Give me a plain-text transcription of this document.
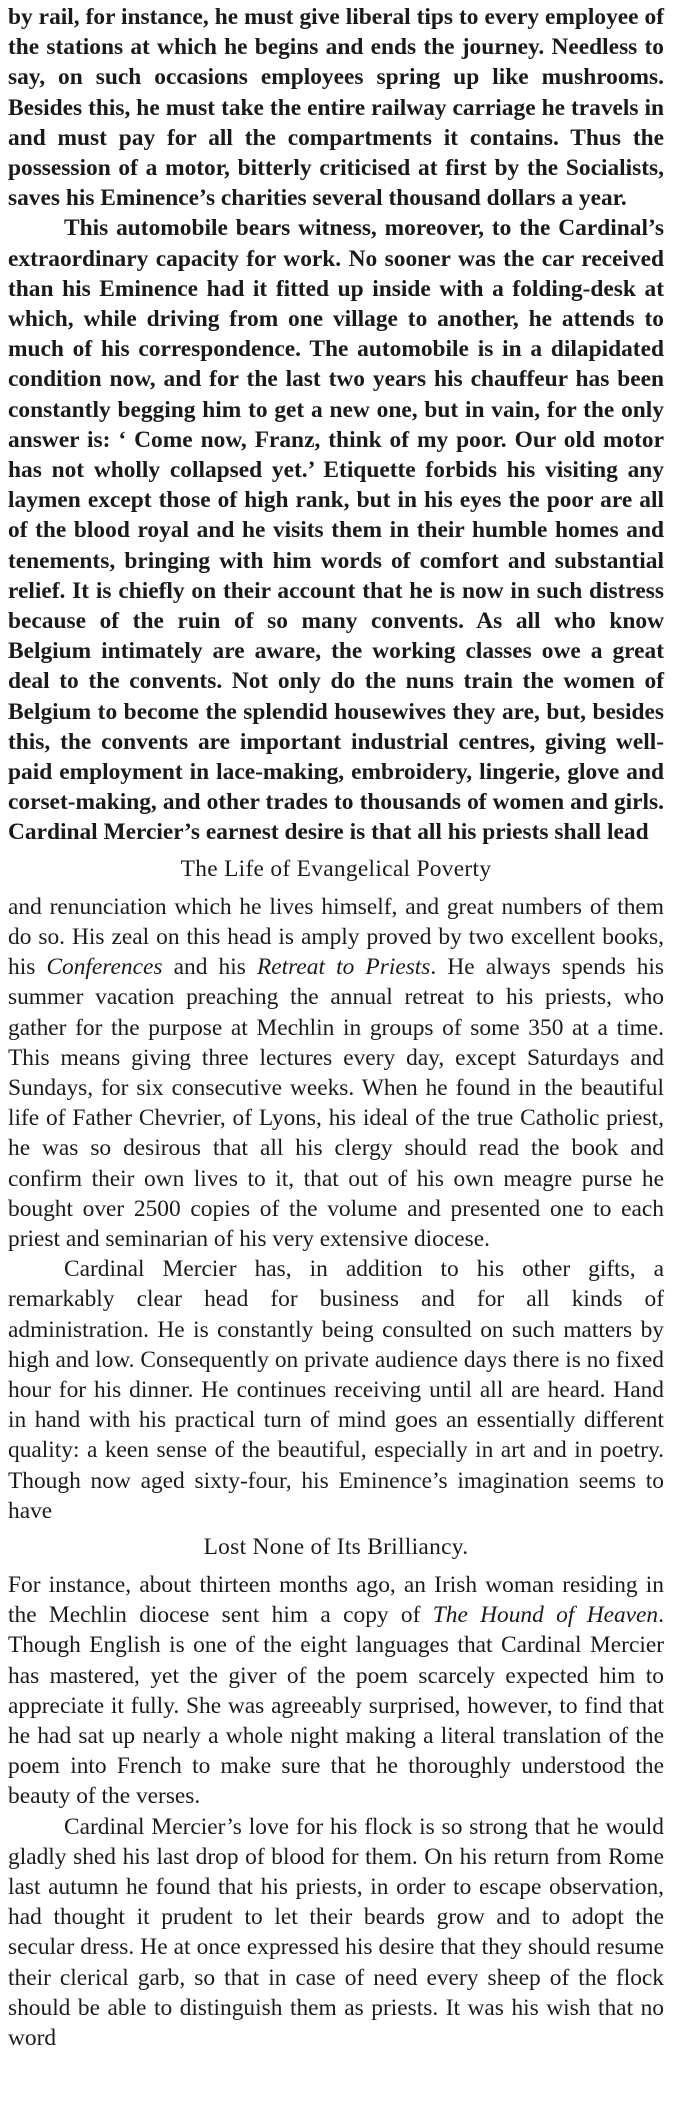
by rail, for instance, he must give liberal tips to every employee of the stations at which he begins and ends the journey. Needless to say, on such occasions employees spring up like mushrooms. Besides this, he must take the entire railway carriage he travels in and must pay for all the compartments it contains. Thus the possession of a motor, bitterly criticised at first by the Socialists, saves his Eminence’s charities several thousand dollars a year.

This automobile bears witness, moreover, to the Cardinal’s extraordinary capacity for work. No sooner was the car received than his Eminence had it fitted up inside with a folding-desk at which, while driving from one village to another, he attends to much of his correspondence. The automobile is in a dilapidated condition now, and for the last two years his chauffeur has been constantly begging him to get a new one, but in vain, for the only answer is: ‘ Come now, Franz, think of my poor. Our old motor has not wholly collapsed yet.’ Etiquette forbids his visiting any laymen except those of high rank, but in his eyes the poor are all of the blood royal and he visits them in their humble homes and tenements, bringing with him words of comfort and substantial relief. It is chiefly on their account that he is now in such distress because of the ruin of so many convents. As all who know Belgium intimately are aware, the working classes owe a great deal to the convents. Not only do the nuns train the women of Belgium to become the splendid housewives they are, but, besides this, the convents are important industrial centres, giving well-paid employment in lace-making, embroidery, lingerie, glove and corset-making, and other trades to thousands of women and girls. Cardinal Mercier’s earnest desire is that all his priests shall lead

The Life of Evangelical Poverty

and renunciation which he lives himself, and great numbers of them do so. His zeal on this head is amply proved by two excellent books, his Conferences and his Retreat to Priests. He always spends his summer vacation preaching the annual retreat to his priests, who gather for the purpose at Mechlin in groups of some 350 at a time. This means giving three lectures every day, except Saturdays and Sundays, for six consecutive weeks. When he found in the beautiful life of Father Chevrier, of Lyons, his ideal of the true Catholic priest, he was so desirous that all his clergy should read the book and confirm their own lives to it, that out of his own meagre purse he bought over 2500 copies of the volume and presented one to each priest and seminarian of his very extensive diocese.

Cardinal Mercier has, in addition to his other gifts, a remarkably clear head for business and for all kinds of administration. He is constantly being consulted on such matters by high and low. Consequently on private audience days there is no fixed hour for his dinner. He continues receiving until all are heard. Hand in hand with his practical turn of mind goes an essentially different quality: a keen sense of the beautiful, especially in art and in poetry. Though now aged sixty-four, his Eminence’s imagination seems to have

Lost None of Its Brilliancy.

For instance, about thirteen months ago, an Irish woman residing in the Mechlin diocese sent him a copy of The Hound of Heaven. Though English is one of the eight languages that Cardinal Mercier has mastered, yet the giver of the poem scarcely expected him to appreciate it fully. She was agreeably surprised, however, to find that he had sat up nearly a whole night making a literal translation of the poem into French to make sure that he thoroughly understood the beauty of the verses.

Cardinal Mercier’s love for his flock is so strong that he would gladly shed his last drop of blood for them. On his return from Rome last autumn he found that his priests, in order to escape observation, had thought it prudent to let their beards grow and to adopt the secular dress. He at once expressed his desire that they should resume their clerical garb, so that in case of need every sheep of the flock should be able to distinguish them as priests. It was his wish that no word
